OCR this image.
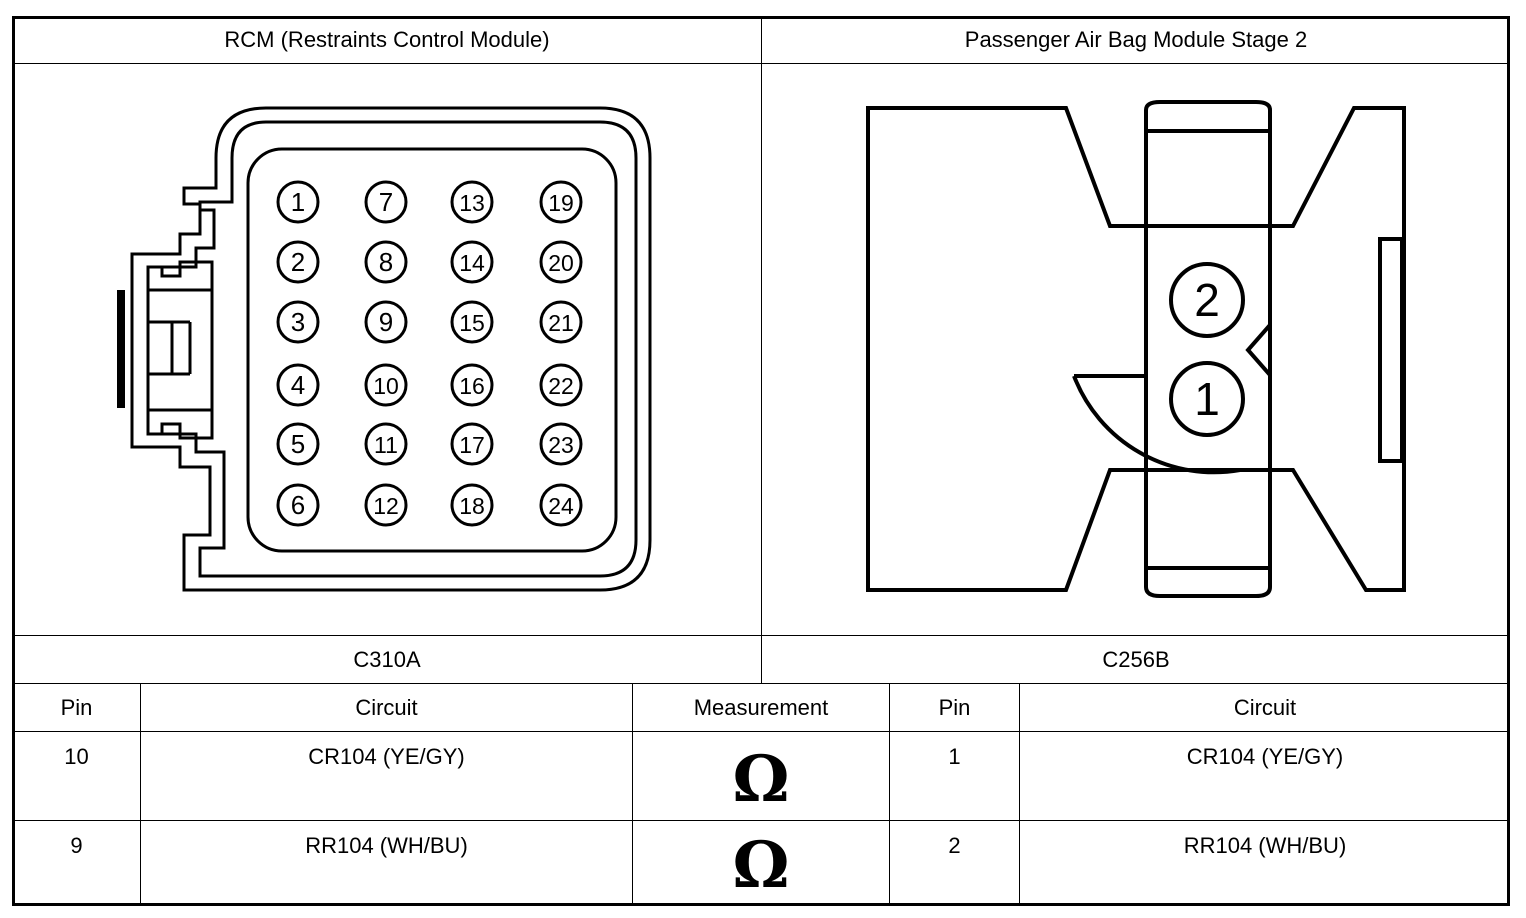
RCM (Restraints Control Module)	Passenger Air Bag Module Stage 2
1	7	13	19
2	8	14	20
3	9	15	21
4	10	16	22
5	11	17	23
6	12	18	24
2
1
C310A	C256B
Pin	Circuit	Measurement	Pin	Circuit
10	CR104 (YE/GY)	Ω	1	CR104 (YE/GY)
9	RR104 (WH/BU)	Ω	2	RR104 (WH/BU)
